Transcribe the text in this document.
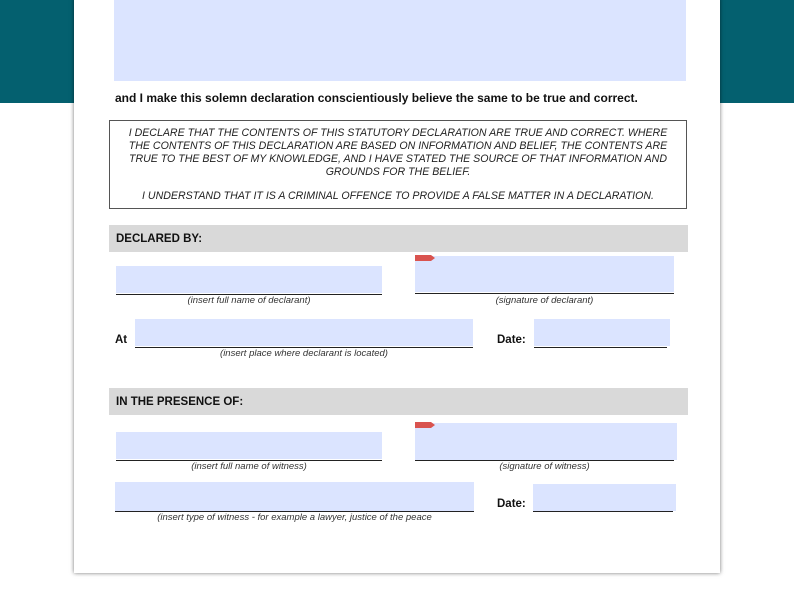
and I make this solemn declaration conscientiously believe the same to be true and correct.
I DECLARE THAT THE CONTENTS OF THIS STATUTORY DECLARATION ARE TRUE AND CORRECT. WHERE
THE CONTENTS OF THIS DECLARATION ARE BASED ON INFORMATION AND BELIEF, THE CONTENTS ARE
TRUE TO THE BEST OF MY KNOWLEDGE, AND I HAVE STATED THE SOURCE OF THAT INFORMATION AND
GROUNDS FOR THE BELIEF.
I UNDERSTAND THAT IT IS A CRIMINAL OFFENCE TO PROVIDE A FALSE MATTER IN A DECLARATION.
DECLARED BY:
(insert full name of declarant)	(signature of declarant)
At
(insert place where declarant is located)
Date:
IN THE PRESENCE OF:
(insert full name of witness)	(signature of witness)
(insert type of witness - for example a lawyer, justice of the peace
Date:
